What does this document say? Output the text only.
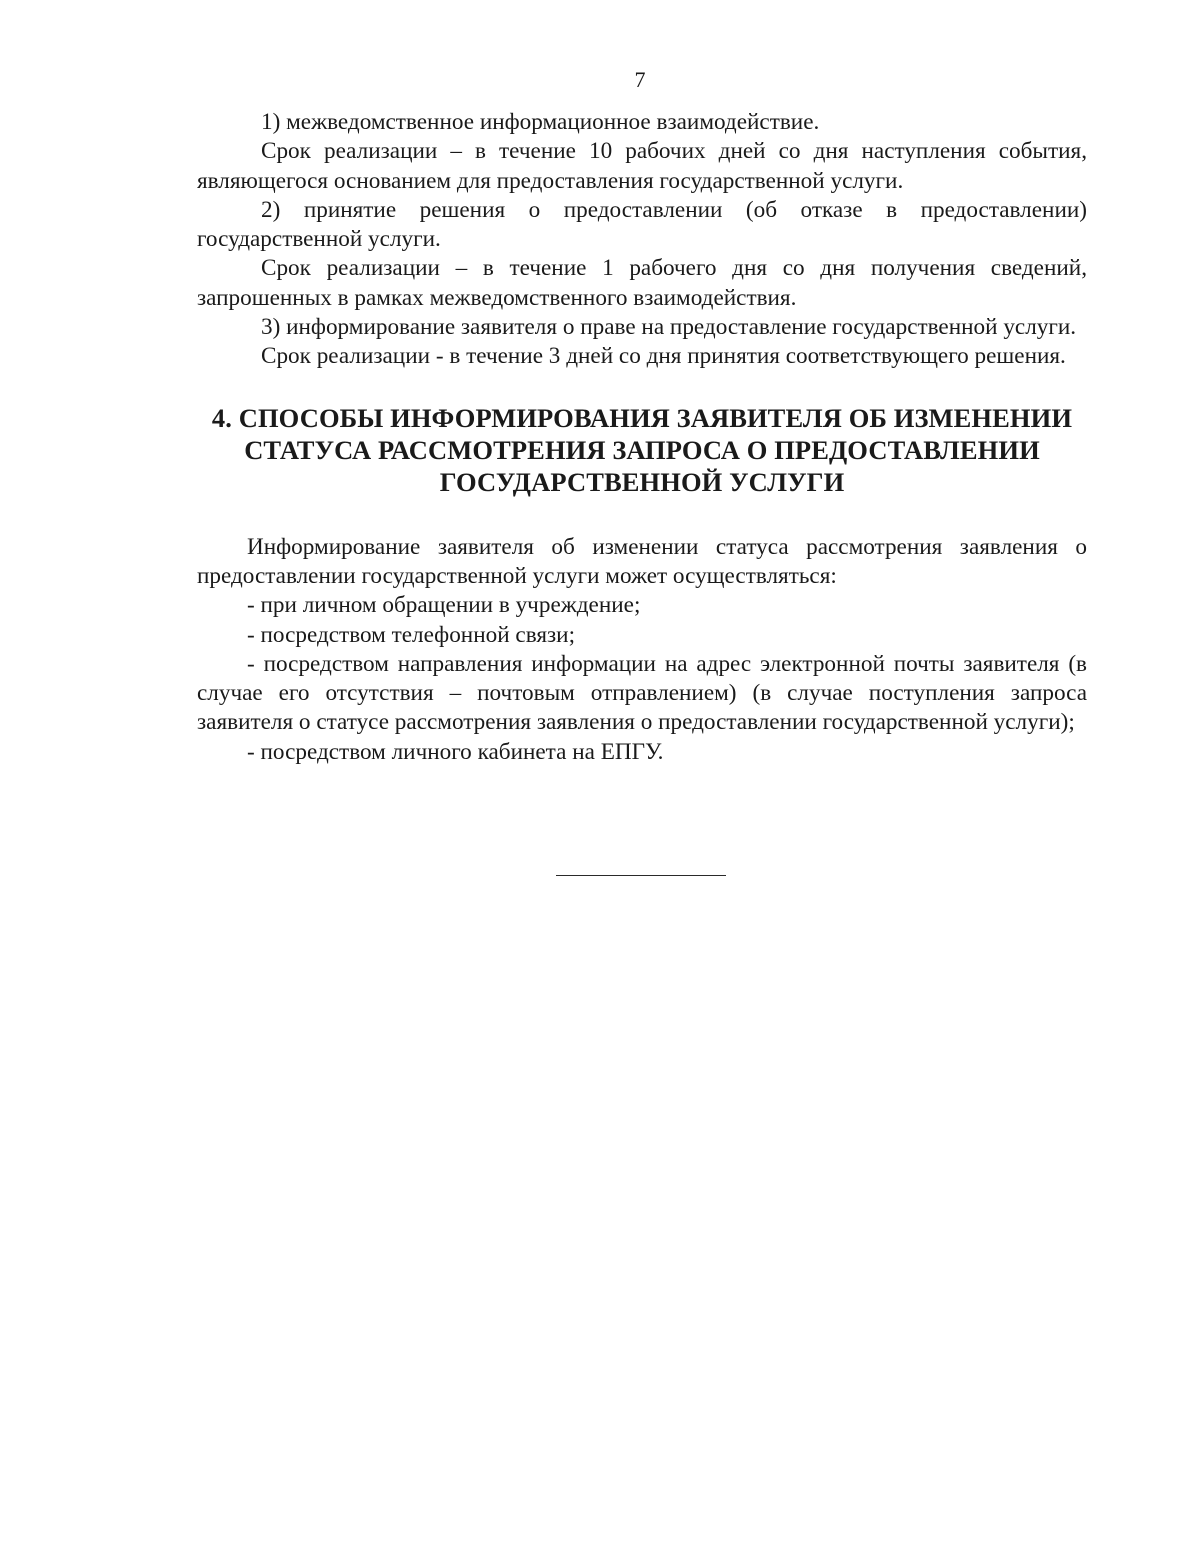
7

1) межведомственное информационное взаимодействие.

Срок реализации – в течение 10 рабочих дней со дня наступления события, являющегося основанием для предоставления государственной услуги.

2) принятие решения о предоставлении (об отказе в предоставлении) государственной услуги.

Срок реализации – в течение 1 рабочего дня со дня получения сведений, запрошенных в рамках межведомственного взаимодействия.

3) информирование заявителя о праве на предоставление государственной услуги.

Срок реализации - в течение 3 дней со дня принятия соответствующего решения.

4. СПОСОБЫ ИНФОРМИРОВАНИЯ ЗАЯВИТЕЛЯ ОБ ИЗМЕНЕНИИ
СТАТУСА РАССМОТРЕНИЯ ЗАПРОСА О ПРЕДОСТАВЛЕНИИ
ГОСУДАРСТВЕННОЙ УСЛУГИ

Информирование заявителя об изменении статуса рассмотрения заявления о предоставлении государственной услуги может осуществляться:

- при личном обращении в учреждение;

- посредством телефонной связи;

- посредством направления информации на адрес электронной почты заявителя (в случае его отсутствия – почтовым отправлением) (в случае поступления запроса заявителя о статусе рассмотрения заявления о предоставлении государственной услуги);

- посредством личного кабинета на ЕПГУ.
